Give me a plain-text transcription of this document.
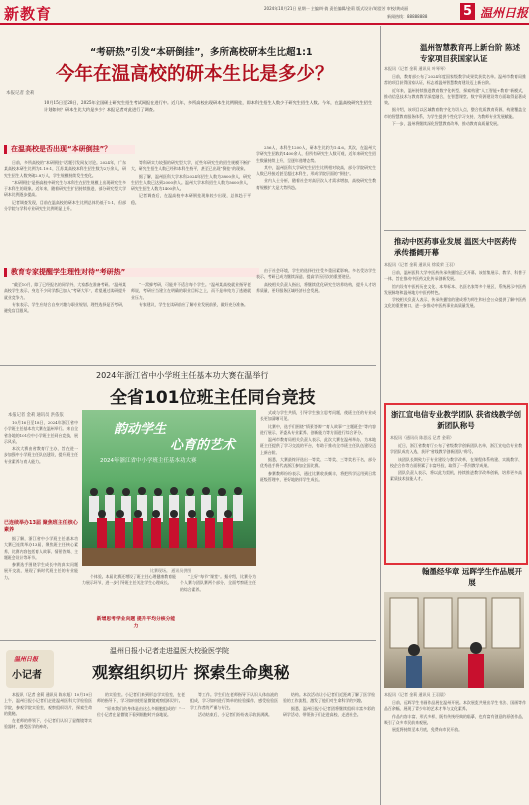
新教育	2024年10月21日 星期一 主编/叶倩 责任编辑/金莉 版式设计/胡滢芳 审校/黄成丽
新闻热线：88888888	5 温州日报
“考研热”引发“本研倒挂”，多所高校研本生比超1:1
今年在温高校的研本生比是多少？
本报记者 金莉
10月15日至28日，2025年全国硕士研究生招生考试网报在进行中。近几年，多所高校出现研本生比例倒挂，即本科生招生人数少于研究生招生人数。今年，在温高校研究生招生计划如何？研本生比大约是多少？本报记者对此进行了调查。
在温高校是否出现“本研倒挂”？

日前，多所高校的“本研倒挂”话题引发网友讨论。2024年，广东某高校本研生比例为1.19:1，江苏某高校本科生招生数为2万余人，研究生招生人数突破2.8万人，学生规模持续发生变化。

“本研倒挂”是指高校中研究生与本科生在招生规模上出现研究生多于本科生的现象。近年来，随着研究生扩招持续推进，部分研究型大学研本比例逐步提高。

记者调查发现，目前在温高校的研本生比例总体仍低于1:1，但部分学院与学科专业研究生比例明显上升。

等科研实力较强的研究型大学，近些年研究生的招生规模不断扩大，研究生招生人数已经和本科生持平，甚至已出现“倒挂”的现象。

据了解，温州医科大学本科2024年招生人数为3800余人，研究生招生人数已达到2000余人。温州大学本科招生人数为5600余人，研究生招生人数为1400余人。

记者调查后，在温高校中本研倒挂现象较少出现，总体趋于平稳。

256人，本科生1200人，研本生比约为1:4.6。其次，在温州大学研究生招收约1400余人，但所有研究生人数可观，近年来研究生招生数量持续上升，呈逐年递增态势。

其中，温州医科大学研究生招生比例相对较高，部分学院研究生人数已经接近甚至超过本科生，形成学院层面的“倒挂”。

业内人士分析，随着社会对高层次人才需求增加，高校研究生教育规模扩大是大势所趋。

教育专家提醒学生理性对待“考研热”

“截至10月，除了已经报名的同学外，大家都在准备考研。”温州某高校学生表示，身边不少同学都已加入“考研大军”，希望通过读研提升就业竞争力。

专家表示，学生应结合自身兴趣与职业规划，理性选择是否考研，避免盲目跟风。

“一窝蜂考研，可能并不适合每个学生。”温州某高校就业指导老师说，考研应当建立在明确的职业目标之上，而不是单纯为了逃避就业压力。

专家建议，学生在读研前应了解专业发展前景，做好充分准备。

由于社会环境，学生的选择往往受多重因素影响。多名受访学生表示，考研已成为继续深造、提高学历层次的重要途径。

高校相关负责人指出，将继续优化研究生培养结构，提升人才培养质量，更好服务区域经济社会发展。

2024年浙江省中小学班主任基本功大赛在温举行
全省101位班主任同台竞技
韵动学生
心育的艺术
2024年浙江省中小学班主任基本功大赛
比赛现场。 通讯员供图
本报记者 金莉 通讯员 洪依依

10月16日至18日，2024年浙江省中小学班主任基本功大赛在温州举行。来自全省各地的101位中小学班主任同台竞技，展示风采。

本次大赛由省教育厅主办，旨在进一步加强中小学班主任队伍建设，提升班主任专业素养与育人能力。

已连续举办13届 聚焦班主任核心素养

据了解，浙江省中小学班主任基本功大赛已连续举办13届，聚焦班主任核心素养，比赛内容包括育人故事、情景答辩、主题班会设计等环节。

参赛选手围绕学生成长中的真实问题展开交流，展现了新时代班主任的专业能力。	个体验。本届比赛还增设了班主任心理健康教育能力展示环节，进一步引导班主任关注学生心理成长。

新增思考学业向题 提升平均分核分能力

“上好”每节“课堂”。据介绍，比赛分为个人赛与团队赛两个部分，全面考察班主任的综合素养。

式或与学生共情，引导学生独立思考问题，使班主任的专业成长更加清晰可见。

比赛中，选手们围绕“情景答辩”“育人故事”“主题班会”等内容进行展示，评委从专业素养、创新能力等方面进行综合评分。

温州市教育局相关负责人表示，此次大赛在温州举办，为本地班主任提供了学习交流的平台，有助于推动全市班主任队伍建设迈上新台阶。

据悉，大赛最终评选出一等奖、二等奖、三等奖若干名，部分优秀选手将代表浙江参加全国比赛。

参赛教师纷纷表示，通过比赛收获颇丰，将把所学运用到日常班级管理中，更好地陪伴学生成长。

温州日报
小记者
温州日报小记者走进温医大校验医学院
观察组织切片 探索生命奥秘

本报讯（记者 金莉 通讯员 陈东旭）10月19日上午，温州日报小记者们走进温州医科大学检验医学院，参观学院实验室，观察组织切片，探索生命的奥秘。

在老师的带领下，小记者们认识了显微镜等实验器材，感受医学的神奇。

的实验室。小记者们来到形态学实验室，在老师的指导下，学习如何使用显微镜观察组织切片。

“原来我们的身体是由这么多细胞组成的！”一位小记者在显微镜下看到细胞时兴奋地说。

等工作。学生们在老师指导下认识人体血液的组成，学习如何进行简单的检验操作，感受检验医学工作者的严谨与专注。

活动结束后，小记者们纷纷表示收获满满。

结构。本次活动让小记者们近距离了解了医学检验的工作流程，激发了他们对生命科学的兴趣。

据悉，温州日报小记者团将继续组织丰富多彩的研学活动，带领孩子们走进高校、走进社会。

温州智慧教育再上新台阶 陈述专家项目获国家认证
本报讯（记者 金莉 通讯员 叶琴琴）

日前，教育部公布了2024年度国家级教学成果奖获奖名单。温州市教育局推荐的项目获得国家认证，标志着温州智慧教育建设迈上新台阶。

近年来，温州持续推进教育数字化转型，探索构建“人工智能+教育”新模式，推动信息技术与教育教学深度融合，在智慧课堂、数字资源建设等方面取得显著成效。

据介绍，该项目以区域教育数字化为切入点，整合优质教育资源，构建覆盖全市的智慧教育服务体系，为学生提供个性化学习支持，为教师专业发展赋能。

下一步，温州将继续深化智慧教育改革，推动教育高质量发展。

推动中医药事业发展 温医大中医药传承传播阔开幕
本报讯（记者 金莉 通讯员 徐爱荣 王羽）

日前，温州医科大学中医药传承传播馆正式开幕。该馆集展示、教学、科普于一体，旨在推动中医药文化传承创新发展。

馆内设有中医药历史文化、本草标本、名医名家等多个展区，系统展示中医药发展脉络和温州地方中医药特色。

学校相关负责人表示，传承传播馆的建成将为师生和社会公众提供了解中医药文化的重要窗口，进一步推动中医药事业高质量发展。

浙江宣电信专业教学团队 获省线教学创新团队称号
本报讯（通讯员 陈思远 记者 金莉）

近日，浙江省教育厅公布了省级教学创新团队名单，浙江宣电信专业教学团队成功入选，获评“省线教学创新团队”称号。

该团队长期致力于专业建设与教学改革，在课程体系构建、实践教学、校企合作等方面积累了丰富经验，取得了一系列教学成果。

团队负责人表示，将以此为契机，持续推进教学改革创新，培养更多高素质技术技能人才。

翰墨经华章 远晖学生作品展开展
本报讯（记者 金莉 通讯员 王羽晨）

日前，远晖学生书画作品展在温州开展。本次展览共展出学生书法、国画等作品百余幅，展现了青少年的艺术才华与文化素养。

作品内容丰富、形式多样，既有传统经典的临摹，也有富有创意的原创作品，吸引了众多市民前来观展。

展览将持续至本月底，免费向市民开放。
